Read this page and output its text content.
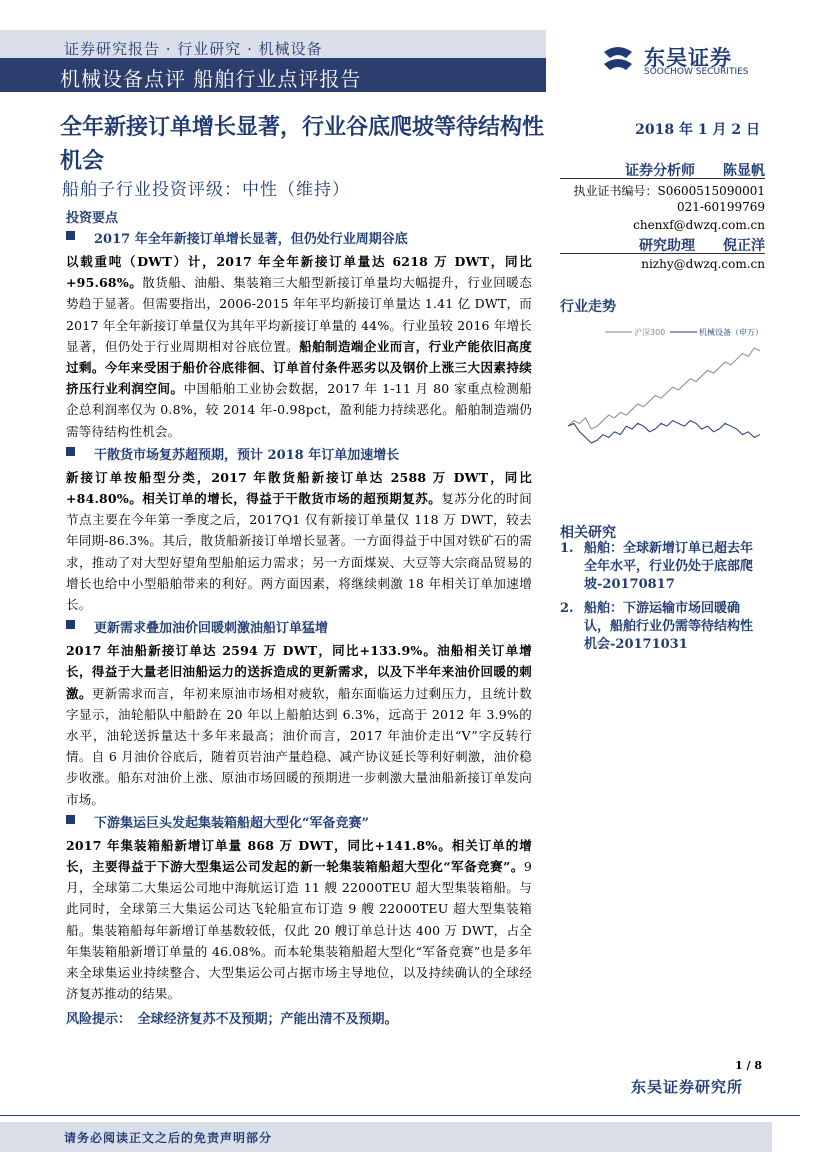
证券研究报告 · 行业研究 · 机械设备
机械设备点评 船舶行业点评报告
东吴证券
SOOCHOW SECURITIES
全年新接订单增长显著，行业谷底爬坡等待结构性机会
船舶子行业投资评级：中性（维持）
2018 年 1 月 2 日
证券分析师　　陈显帆
执业证书编号：S0600515090001
021-60199769
chenxf@dwzq.com.cn
研究助理　　倪正洋
nizhy@dwzq.com.cn
行业走势
沪深300	机械设备（申万）
相关研究
1. 船舶：全球新增订单已超去年全年水平，行业仍处于底部爬坡-20170817
2. 船舶：下游运输市场回暖确认，船舶行业仍需等待结构性机会-20171031
投资要点
2017 年全年新接订单增长显著，但仍处行业周期谷底

以载重吨（DWT）计，2017 年全年新接订单量达 6218 万 DWT，同比+95.68%。散货船、油船、集装箱三大船型新接订单量均大幅提升，行业回暖态势趋于显著。但需要指出，2006-2015 年年平均新接订单量达 1.41 亿 DWT，而 2017 年全年新接订单量仅为其年平均新接订单量的 44%。行业虽较 2016 年增长显著，但仍处于行业周期相对谷底位置。船舶制造端企业而言，行业产能依旧高度过剩。今年来受困于船价谷底徘徊、订单首付条件恶劣以及钢价上涨三大因素持续挤压行业利润空间。中国船舶工业协会数据，2017 年 1-11 月 80 家重点检测船企总利润率仅为 0.8%，较 2014 年-0.98pct，盈利能力持续恶化。船舶制造端仍需等待结构性机会。

干散货市场复苏超预期，预计 2018 年订单加速增长

新接订单按船型分类，2017 年散货船新接订单达 2588 万 DWT，同比+84.80%。相关订单的增长，得益于干散货市场的超预期复苏。复苏分化的时间节点主要在今年第一季度之后，2017Q1 仅有新接订单量仅 118 万 DWT，较去年同期-86.3%。其后，散货船新接订单增长显著。一方面得益于中国对铁矿石的需求，推动了对大型好望角型船舶运力需求；另一方面煤炭、大豆等大宗商品贸易的增长也给中小型船舶带来的利好。两方面因素，将继续刺激 18 年相关订单加速增长。

更新需求叠加油价回暖刺激油船订单猛增

2017 年油船新接订单达 2594 万 DWT，同比+133.9%。油船相关订单增长，得益于大量老旧油船运力的送拆造成的更新需求，以及下半年来油价回暖的刺激。更新需求而言，年初来原油市场相对疲软，船东面临运力过剩压力，且统计数字显示，油轮船队中船龄在 20 年以上船舶达到 6.3%，远高于 2012 年 3.9%的水平，油轮送拆量达十多年来最高；油价而言，2017 年油价走出“V”字反转行情。自 6 月油价谷底后，随着页岩油产量趋稳、减产协议延长等利好刺激，油价稳步收涨。船东对油价上涨、原油市场回暖的预期进一步刺激大量油船新接订单发向市场。

下游集运巨头发起集装箱船超大型化“军备竞赛”

2017 年集装箱船新增订单量 868 万 DWT，同比+141.8%。相关订单的增长，主要得益于下游大型集运公司发起的新一轮集装箱船超大型化“军备竞赛”。9 月，全球第二大集运公司地中海航运订造 11 艘 22000TEU 超大型集装箱船。与此同时，全球第三大集运公司达飞轮船宣布订造 9 艘 22000TEU 超大型集装箱船。集装箱船每年新增订单基数较低，仅此 20 艘订单总计达 400 万 DWT，占全年集装箱船新增订单量的 46.08%。而本轮集装箱船超大型化“军备竞赛”也是多年来全球集运业持续整合、大型集运公司占据市场主导地位，以及持续确认的全球经济复苏推动的结果。

风险提示：　全球经济复苏不及预期；产能出清不及预期。
1 / 8
东吴证券研究所
请务必阅读正文之后的免责声明部分
